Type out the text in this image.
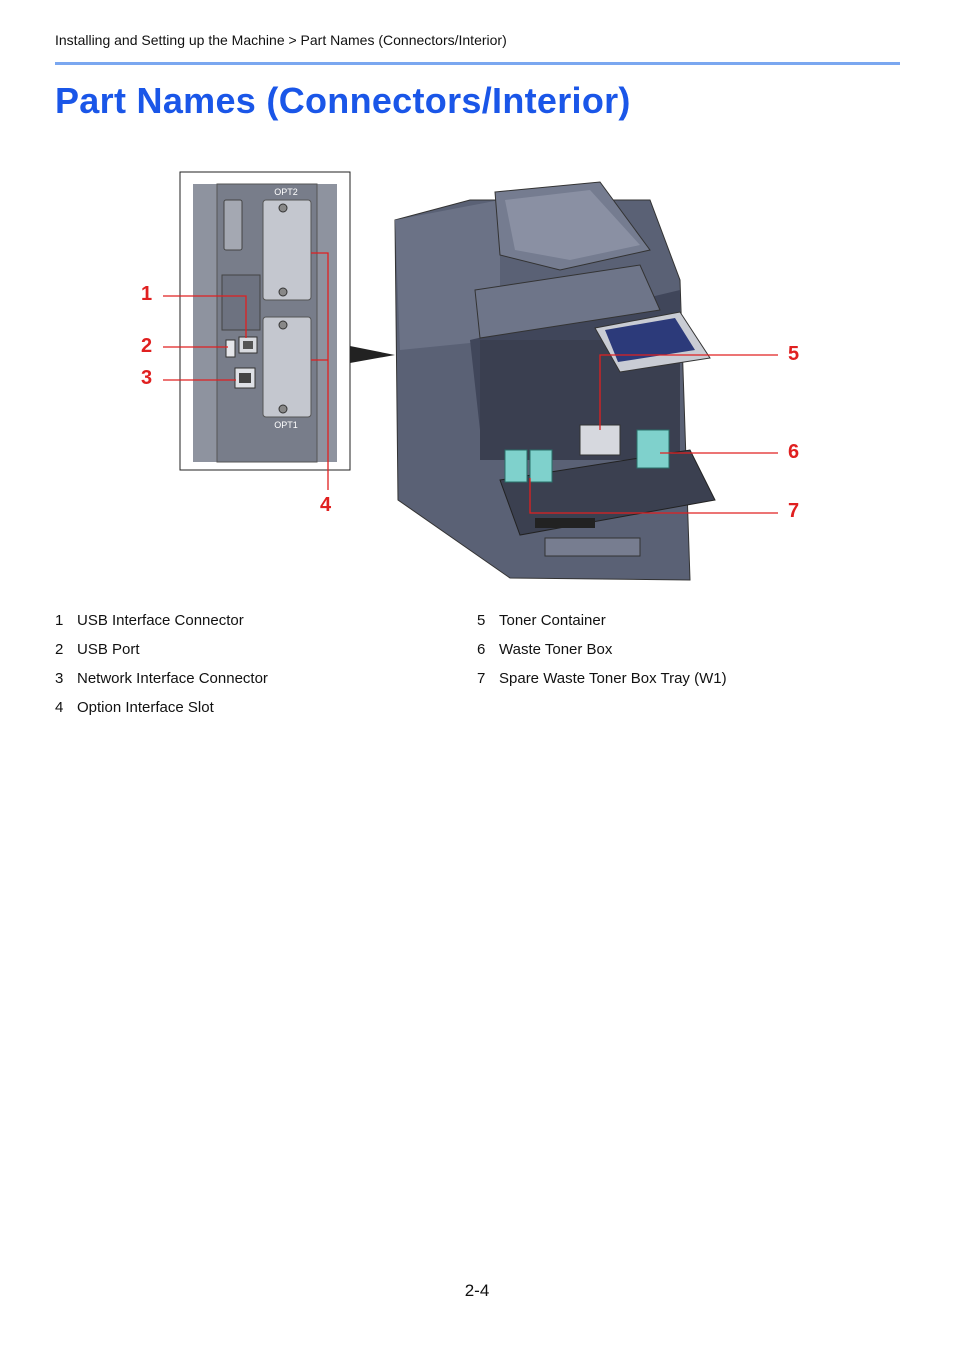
Installing and Setting up the Machine > Part Names (Connectors/Interior)
Part Names (Connectors/Interior)
OPT2
OPT1
1
2
3
4
5
6
7
1 USB Interface Connector
2 USB Port
3 Network Interface Connector
4 Option Interface Slot
5 Toner Container
6 Waste Toner Box
7 Spare Waste Toner Box Tray (W1)
2-4
